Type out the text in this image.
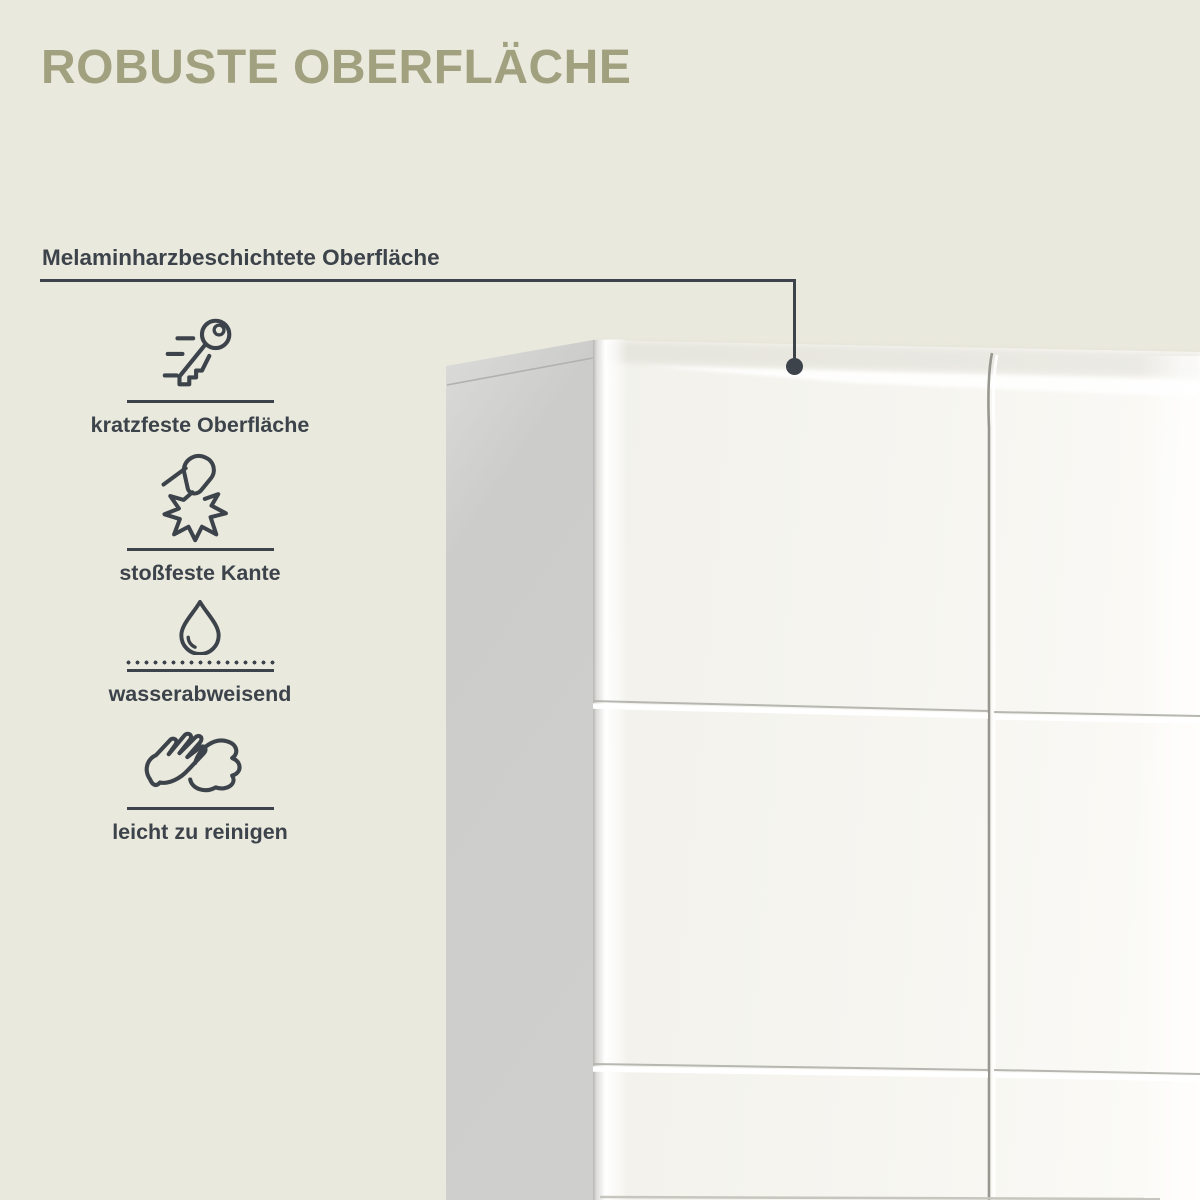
ROBUSTE OBERFLÄCHE
Melaminharzbeschichtete Oberfläche
kratzfeste Oberfläche
stoßfeste Kante
wasserabweisend
leicht zu reinigen
